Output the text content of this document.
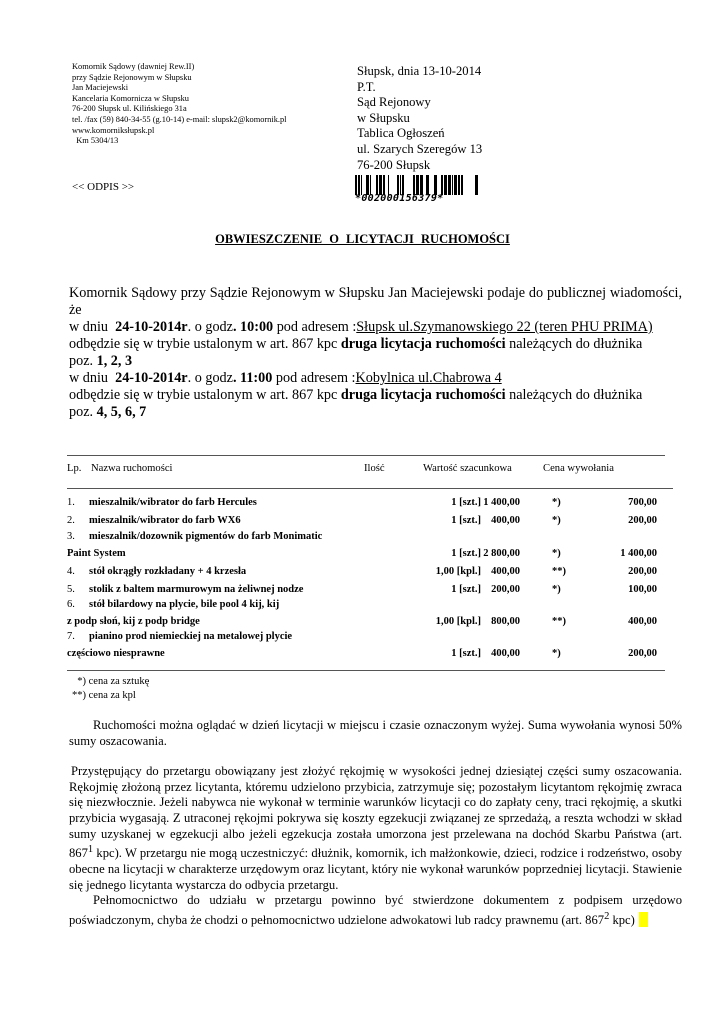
Komornik Sądowy (dawniej Rew.II)
przy Sądzie Rejonowym w Słupsku
Jan Maciejewski
Kancelaria Komornicza w Słupsku
76-200 Słupsk ul. Kilińskiego 31a
tel. /fax (59) 840-34-55 (g.10-14) e-mail: slupsk2@komornik.pl
www.komorniksłupsk.pl
Km 5304/13
Słupsk, dnia 13-10-2014
P.T.
Sąd Rejonowy
w Słupsku
Tablica Ogłoszeń
ul. Szarych Szeregów 13
76-200 Słupsk
<< ODPIS >>
*002000156379*
OBWIESZCZENIE O LICYTACJI RUCHOMOŚCI

Komornik Sądowy przy Sądzie Rejonowym w Słupsku Jan Maciejewski podaje do publicznej wiadomości, że

w dniu 24-10-2014r. o godz. 10:00 pod adresem :Słupsk ul.Szymanowskiego 22 (teren PHU PRIMA)

odbędzie się w trybie ustalonym w art. 867 kpc druga licytacja ruchomości należących do dłużnika

poz. 1, 2, 3

w dniu 24-10-2014r. o godz. 11:00 pod adresem :Kobylnica ul.Chabrowa 4

odbędzie się w trybie ustalonym w art. 867 kpc druga licytacja ruchomości należących do dłużnika

poz. 4, 5, 6, 7

Lp. Nazwa ruchomości	Ilość	Wartość szacunkowa	Cena wywołania
1. mieszalnik/wibrator do farb Hercules	1 [szt.] 1 400,00	*)	700,00
2. mieszalnik/wibrator do farb WX6	1 [szt.] 400,00	*)	200,00
3. mieszalnik/dozownik pigmentów do farb Monimatic
Paint System	1 [szt.] 2 800,00	*)	1 400,00
4. stół okrągły rozkładany + 4 krzesła	1,00 [kpl.] 400,00	**)	200,00
5. stolik z baltem marmurowym na żeliwnej nodze	1 [szt.] 200,00	*)	100,00
6. stół bilardowy na plycie, bile pool 4 kij, kij
z podp słoń, kij z podp bridge	1,00 [kpl.] 800,00	**)	400,00
7. pianino prod niemieckiej na metalowej plycie
częściowo niesprawne	1 [szt.] 400,00	*)	200,00
*) cena za sztukę
**) cena za kpl

Ruchomości można oglądać w dzień licytacji w miejscu i czasie oznaczonym wyżej. Suma wywołania wynosi 50% sumy oszacowania.

Przystępujący do przetargu obowiązany jest złożyć rękojmię w wysokości jednej dziesiątej części sumy oszacowania. Rękojmię złożoną przez licytanta, któremu udzielono przybicia, zatrzymuje się; pozostałym licytantom rękojmię zwraca się niezwłocznie. Jeżeli nabywca nie wykonał w terminie warunków licytacji co do zapłaty ceny, traci rękojmię, a skutki przybicia wygasają. Z utraconej rękojmi pokrywa się koszty egzekucji związanej ze sprzedażą, a reszta wchodzi w skład sumy uzyskanej w egzekucji albo jeżeli egzekucja została umorzona jest przelewana na dochód Skarbu Państwa (art. $867^1$ kpc). W przetargu nie mogą uczestniczyć: dłużnik, komornik, ich małżonkowie, dzieci, rodzice i rodzeństwo, osoby obecne na licytacji w charakterze urzędowym oraz licytant, który nie wykonał warunków poprzedniej licytacji. Stawienie się jednego licytanta wystarcza do odbycia przetargu.

Pełnomocnictwo do udziału w przetargu powinno być stwierdzone dokumentem z podpisem urzędowo poświadczonym, chyba że chodzi o pełnomocnictwo udzielone adwokatowi lub radcy prawnemu (art. $867^2$ kpc)
